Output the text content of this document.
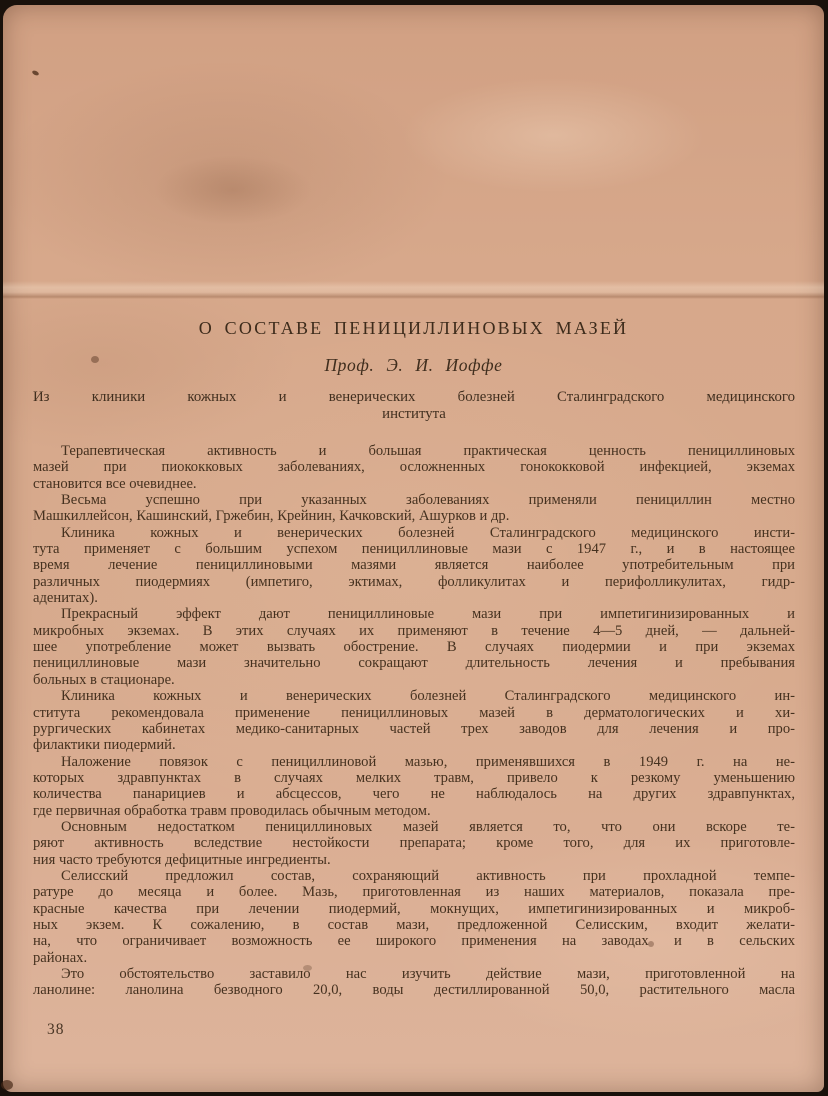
О СОСТАВЕ ПЕНИЦИЛЛИНОВЫХ МАЗЕЙ
Проф. Э. И. Иоффе
Из клиники кожных и венерических болезней Сталинградского медицинского
института
Терапевтическая активность и большая практическая ценность пенициллиновых
мазей при пиококковых заболеваниях, осложненных гонококковой инфекцией, экземах
становится все очевиднее.
Весьма успешно при указанных заболеваниях применяли пенициллин местно
Машкиллейсон, Кашинский, Гржебин, Крейнин, Качковский, Ашурков и др.
Клиника кожных и венерических болезней Сталинградского медицинского инсти-
тута применяет с большим успехом пенициллиновые мази с 1947 г., и в настоящее
время лечение пенициллиновыми мазями является наиболее употребительным при
различных пиодермиях (импетиго, эктимах, фолликулитах и перифолликулитах, гидр-
аденитах).
Прекрасный эффект дают пенициллиновые мази при импетигинизированных и
микробных экземах. В этих случаях их применяют в течение 4—5 дней, — дальней-
шее употребление может вызвать обострение. В случаях пиодермии и при экземах
пенициллиновые мази значительно сокращают длительность лечения и пребывания
больных в стационаре.
Клиника кожных и венерических болезней Сталинградского медицинского ин-
ститута рекомендовала применение пенициллиновых мазей в дерматологических и хи-
рургических кабинетах медико-санитарных частей трех заводов для лечения и про-
филактики пиодермий.
Наложение повязок с пенициллиновой мазью, применявшихся в 1949 г. на не-
которых здравпунктах в случаях мелких травм, привело к резкому уменьшению
количества панарициев и абсцессов, чего не наблюдалось на других здравпунктах,
где первичная обработка травм проводилась обычным методом.
Основным недостатком пенициллиновых мазей является то, что они вскоре те-
ряют активность вследствие нестойкости препарата; кроме того, для их приготовле-
ния часто требуются дефицитные ингредиенты.
Селисский предложил состав, сохраняющий активность при прохладной темпе-
ратуре до месяца и более. Мазь, приготовленная из наших материалов, показала пре-
красные качества при лечении пиодермий, мокнущих, импетигинизированных и микроб-
ных экзем. К сожалению, в состав мази, предложенной Селисским, входит желати-
на, что ограничивает возможность ее широкого применения на заводах и в сельских
районах.
Это обстоятельство заставило нас изучить действие мази, приготовленной на
ланолине: ланолина безводного 20,0, воды дестиллированной 50,0, растительного масла
38
